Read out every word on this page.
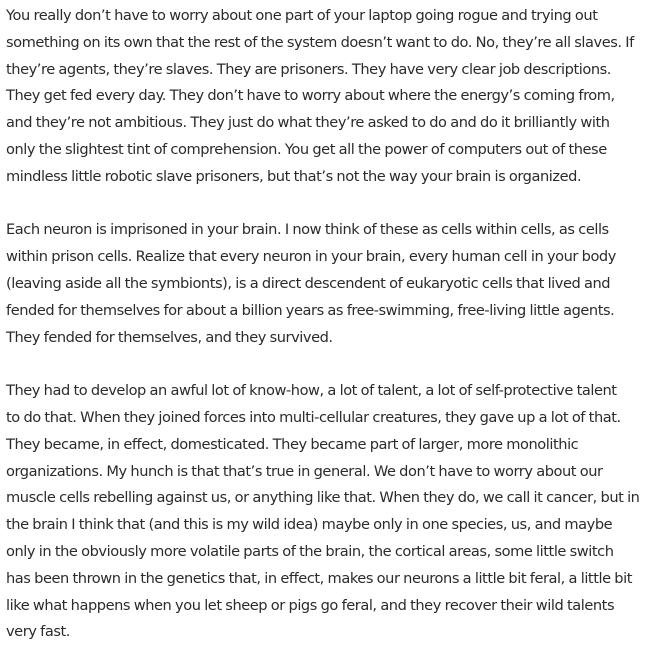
You really don’t have to worry about one part of your laptop going rogue and trying out
something on its own that the rest of the system doesn’t want to do. No, they’re all slaves. If
they’re agents, they’re slaves. They are prisoners. They have very clear job descriptions.
They get fed every day. They don’t have to worry about where the energy’s coming from,
and they’re not ambitious. They just do what they’re asked to do and do it brilliantly with
only the slightest tint of comprehension. You get all the power of computers out of these
mindless little robotic slave prisoners, but that’s not the way your brain is organized.
Each neuron is imprisoned in your brain. I now think of these as cells within cells, as cells
within prison cells. Realize that every neuron in your brain, every human cell in your body
(leaving aside all the symbionts), is a direct descendent of eukaryotic cells that lived and
fended for themselves for about a billion years as free-swimming, free-living little agents.
They fended for themselves, and they survived.
They had to develop an awful lot of know-how, a lot of talent, a lot of self-protective talent
to do that. When they joined forces into multi-cellular creatures, they gave up a lot of that.
They became, in effect, domesticated. They became part of larger, more monolithic
organizations. My hunch is that that’s true in general. We don’t have to worry about our
muscle cells rebelling against us, or anything like that. When they do, we call it cancer, but in
the brain I think that (and this is my wild idea) maybe only in one species, us, and maybe
only in the obviously more volatile parts of the brain, the cortical areas, some little switch
has been thrown in the genetics that, in effect, makes our neurons a little bit feral, a little bit
like what happens when you let sheep or pigs go feral, and they recover their wild talents
very fast.
